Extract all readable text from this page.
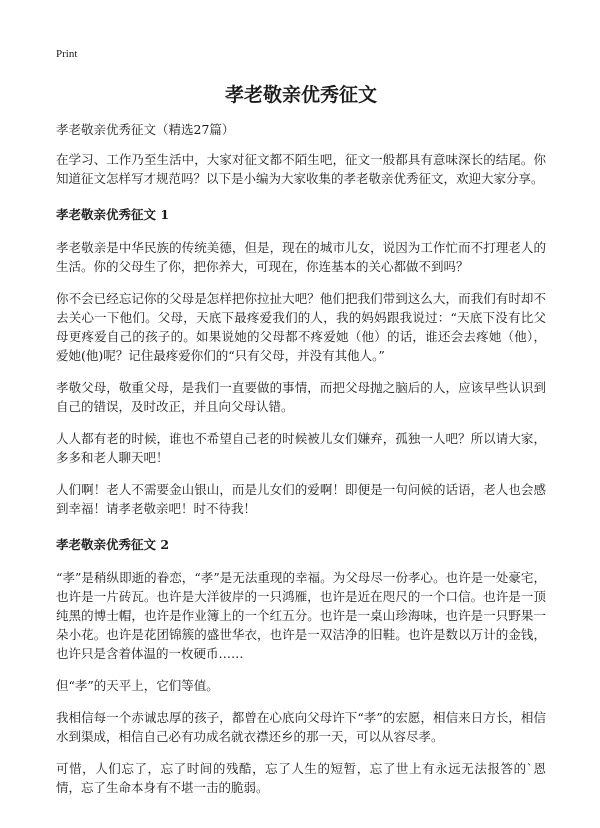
Print
孝老敬亲优秀征文

孝老敬亲优秀征文（精选27篇）

在学习、工作乃至生活中，大家对征文都不陌生吧，征文一般都具有意味深长的结尾。你知道征文怎样写才规范吗？以下是小编为大家收集的孝老敬亲优秀征文，欢迎大家分享。

孝老敬亲优秀征文 1

孝老敬亲是中华民族的传统美德，但是，现在的城市儿女，说因为工作忙而不打理老人的生活。你的父母生了你，把你养大，可现在，你连基本的关心都做不到吗？

你不会已经忘记你的父母是怎样把你拉扯大吧？他们把我们带到这么大，而我们有时却不去关心一下他们。父母，天底下最疼爱我们的人，我的妈妈跟我说过：“天底下没有比父母更疼爱自己的孩子的。如果说她的父母都不疼爱她（他）的话，谁还会去疼她（他），爱她(他)呢？记住最疼爱你们的“只有父母，并没有其他人。”

孝敬父母，敬重父母，是我们一直要做的事情，而把父母抛之脑后的人，应该早些认识到自己的错误，及时改正，并且向父母认错。

人人都有老的时候，谁也不希望自己老的时候被儿女们嫌弃，孤独一人吧？所以请大家，多多和老人聊天吧！

人们啊！老人不需要金山银山，而是儿女们的爱啊！即便是一句问候的话语，老人也会感到幸福！请孝老敬亲吧！时不待我！

孝老敬亲优秀征文 2

“孝”是稍纵即逝的眷恋，“孝”是无法重现的幸福。为父母尽一份孝心。也许是一处豪宅，也许是一片砖瓦。也许是大洋彼岸的一只鸿雁，也许是近在咫尺的一个口信。也许是一顶纯黑的博士帽，也许是作业簿上的一个红五分。也许是一桌山珍海味，也许是一只野果一朵小花。也许是花团锦簇的盛世华衣，也许是一双洁净的旧鞋。也许是数以万计的金钱，也许只是含着体温的一枚硬币……

但“孝”的天平上，它们等值。

我相信每一个赤诚忠厚的孩子，都曾在心底向父母许下“孝”的宏愿，相信来日方长，相信水到渠成，相信自己必有功成名就衣襟还乡的那一天，可以从容尽孝。

可惜，人们忘了，忘了时间的残酷，忘了人生的短暂，忘了世上有永远无法报答的`恩情，忘了生命本身有不堪一击的脆弱。
